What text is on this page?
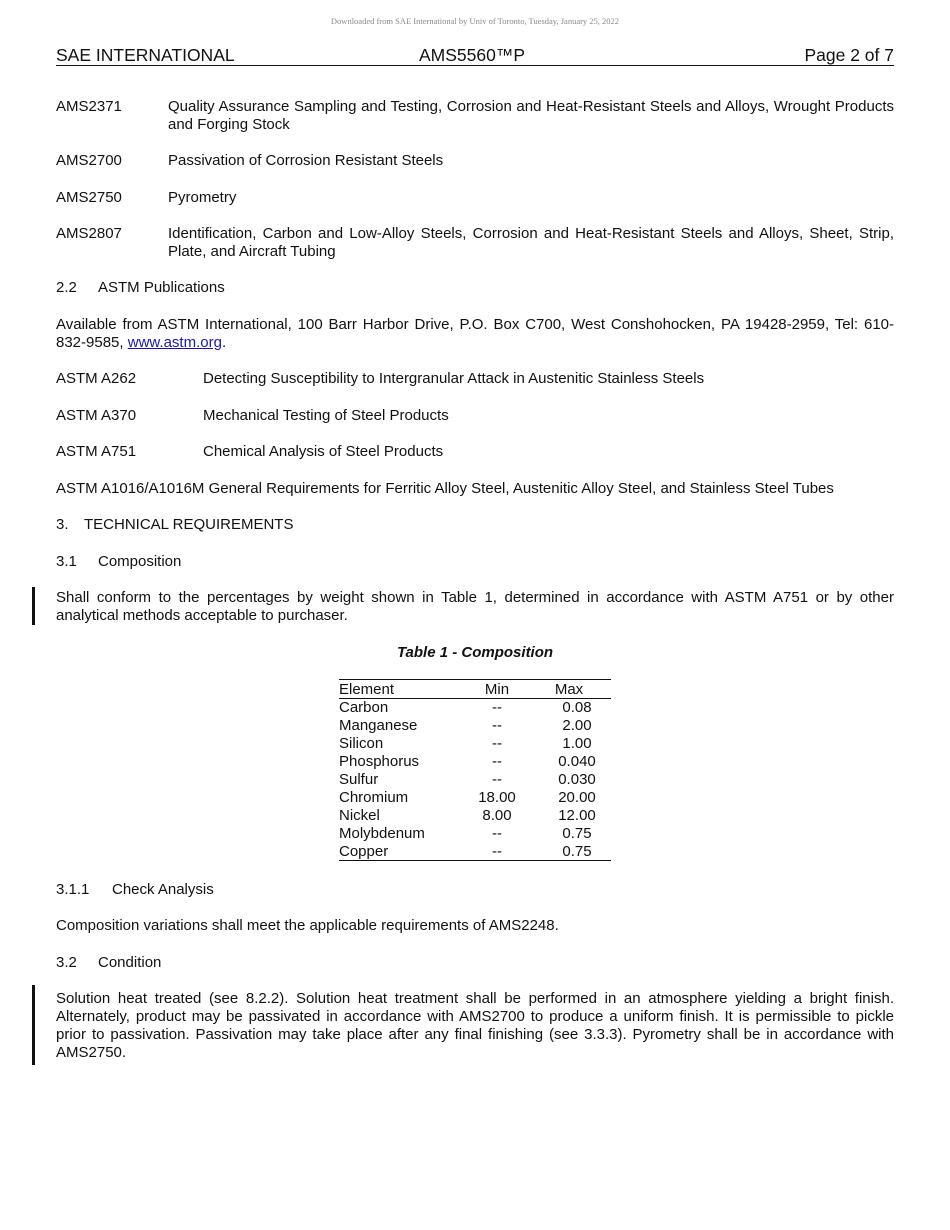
Downloaded from SAE International by Univ of Toronto, Tuesday, January 25, 2022
SAE INTERNATIONAL	AMS5560™P	Page 2 of 7
AMS2371	Quality Assurance Sampling and Testing, Corrosion and Heat-Resistant Steels and Alloys, Wrought Products and Forging Stock
AMS2700	Passivation of Corrosion Resistant Steels
AMS2750	Pyrometry
AMS2807	Identification, Carbon and Low-Alloy Steels, Corrosion and Heat-Resistant Steels and Alloys, Sheet, Strip, Plate, and Aircraft Tubing
2.2 ASTM Publications

Available from ASTM International, 100 Barr Harbor Drive, P.O. Box C700, West Conshohocken, PA 19428-2959, Tel: 610-832-9585, www.astm.org.

ASTM A262	Detecting Susceptibility to Intergranular Attack in Austenitic Stainless Steels
ASTM A370	Mechanical Testing of Steel Products
ASTM A751	Chemical Analysis of Steel Products

ASTM A1016/A1016M General Requirements for Ferritic Alloy Steel, Austenitic Alloy Steel, and Stainless Steel Tubes

3. TECHNICAL REQUIREMENTS
3.1 Composition

Shall conform to the percentages by weight shown in Table 1, determined in accordance with ASTM A751 or by other analytical methods acceptable to purchaser.

Table 1 - Composition
Element	Min	Max
Carbon	--	0.08
Manganese	--	2.00
Silicon	--	1.00
Phosphorus	--	0.040
Sulfur	--	0.030
Chromium	18.00	20.00
Nickel	8.00	12.00
Molybdenum	--	0.75
Copper	--	0.75
3.1.1 Check Analysis

Composition variations shall meet the applicable requirements of AMS2248.

3.2 Condition

Solution heat treated (see 8.2.2). Solution heat treatment shall be performed in an atmosphere yielding a bright finish. Alternately, product may be passivated in accordance with AMS2700 to produce a uniform finish. It is permissible to pickle prior to passivation. Passivation may take place after any final finishing (see 3.3.3). Pyrometry shall be in accordance with AMS2750.
